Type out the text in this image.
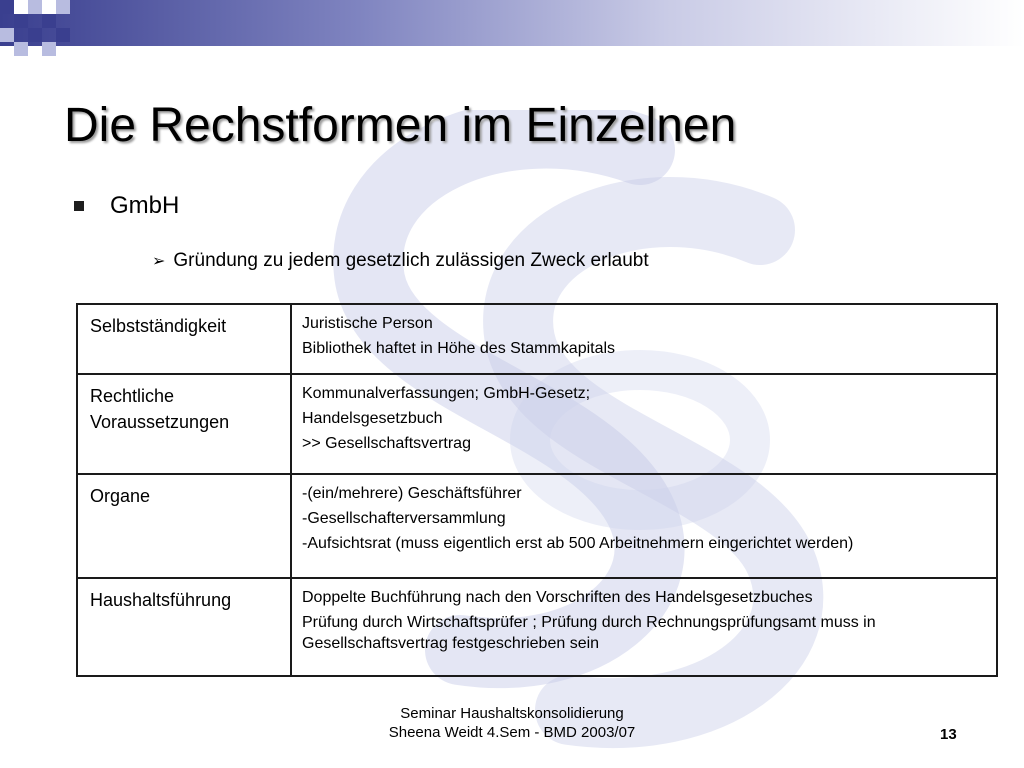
Die Rechstformen im Einzelnen
GmbH
➢ Gründung zu jedem gesetzlich zulässigen Zweck erlaubt
Selbstständigkeit	Juristische Person
Bibliothek haftet in Höhe des Stammkapitals

Rechtliche Voraussetzungen	Kommunalverfassungen; GmbH-Gesetz;
Handelsgesetzbuch
>> Gesellschaftsvertrag

Organe	-(ein/mehrere) Geschäftsführer
-Gesellschafterversammlung
-Aufsichtsrat (muss eigentlich erst ab 500 Arbeitnehmern eingerichtet werden)

Haushaltsführung	Doppelte Buchführung nach den Vorschriften des Handelsgesetzbuches
Prüfung durch Wirtschaftsprüfer ; Prüfung durch Rechnungsprüfungsamt muss in Gesellschaftsvertrag festgeschrieben sein
Seminar Haushaltskonsolidierung
Sheena Weidt 4.Sem - BMD 2003/07	13
